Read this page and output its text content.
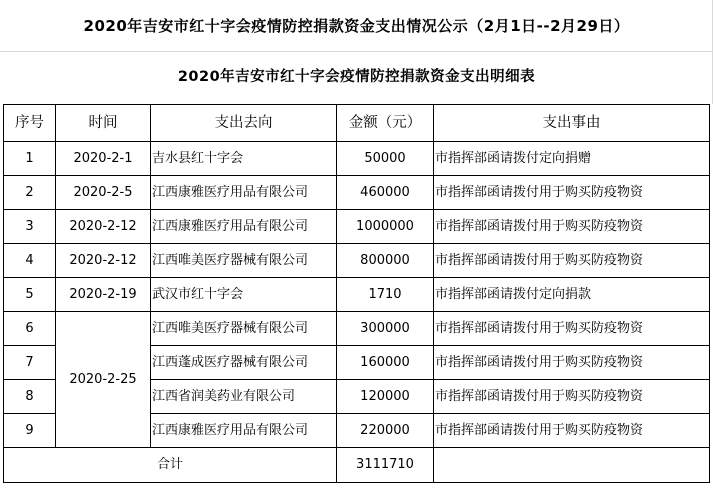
2020年吉安市红十字会疫情防控捐款资金支出情况公示（2月1日--2月29日）
2020年吉安市红十字会疫情防控捐款资金支出明细表
序号	时间	支出去向	金额（元）	支出事由
1	2020-2-1	吉水县红十字会	50000	市指挥部函请拨付定向捐赠
2	2020-2-5	江西康雅医疗用品有限公司	460000	市指挥部函请拨付用于购买防疫物资
3	2020-2-12	江西康雅医疗用品有限公司	1000000	市指挥部函请拨付用于购买防疫物资
4	2020-2-12	江西唯美医疗器械有限公司	800000	市指挥部函请拨付用于购买防疫物资
5	2020-2-19	武汉市红十字会	1710	市指挥部函请拨付定向捐款
6	2020-2-25	江西唯美医疗器械有限公司	300000	市指挥部函请拨付用于购买防疫物资
7		江西蓬成医疗器械有限公司	160000	市指挥部函请拨付用于购买防疫物资
8		江西省润美药业有限公司	120000	市指挥部函请拨付用于购买防疫物资
9		江西康雅医疗用品有限公司	220000	市指挥部函请拨付用于购买防疫物资
合计			3111710	
